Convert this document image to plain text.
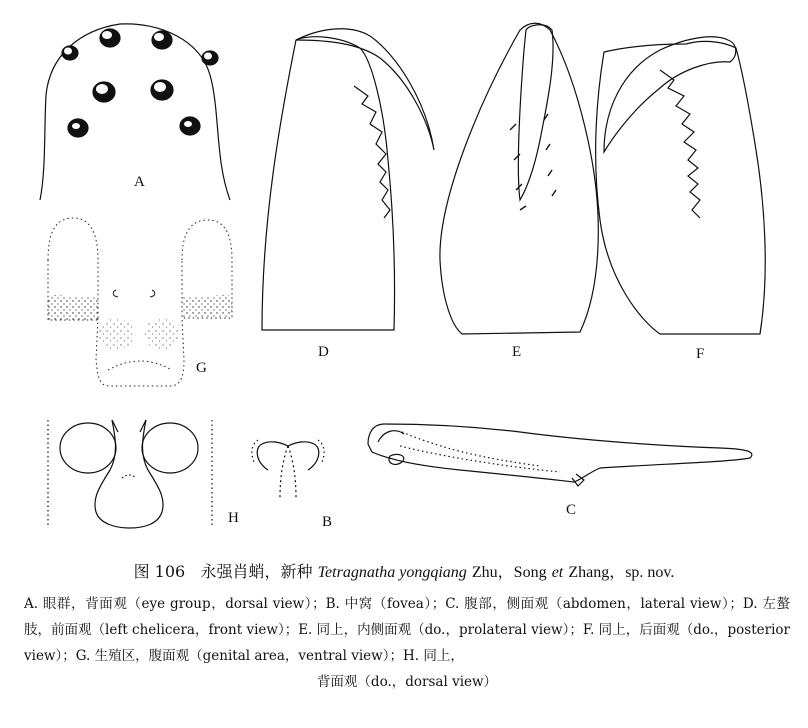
A
G
H	B
C
D	E	F

图 106 永强肖蛸，新种 Tetragnatha yongqiang Zhu，Song et Zhang，sp. nov.

A. 眼群，背面观（eye group，dorsal view）；B. 中窝（fovea）；C. 腹部，侧面观（abdomen，lateral view）；D. 左螯肢，前面观（left chelicera，front view）；E. 同上，内侧面观（do.，prolateral view）；F. 同上，后面观（do.，posterior view）；G. 生殖区，腹面观（genital area，ventral view）；H. 同上，
背面观（do.，dorsal view）
